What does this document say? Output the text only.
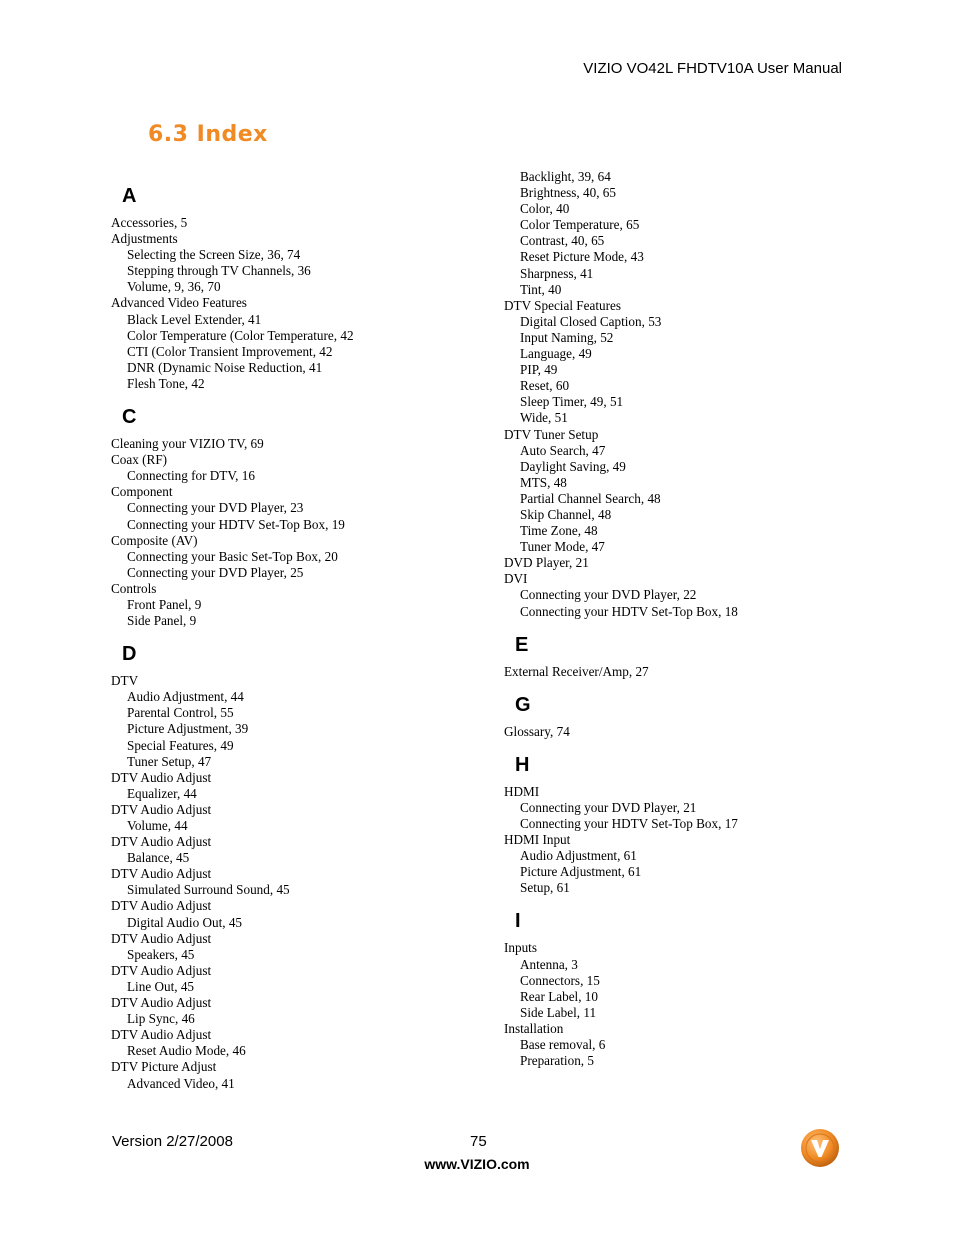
VIZIO VO42L FHDTV10A User Manual
6.3 Index
A
Accessories, 5
Adjustments
Selecting the Screen Size, 36, 74
Stepping through TV Channels, 36
Volume, 9, 36, 70
Advanced Video Features
Black Level Extender, 41
Color Temperature (Color Temperature, 42
CTI (Color Transient Improvement, 42
DNR (Dynamic Noise Reduction, 41
Flesh Tone, 42
C
Cleaning your VIZIO TV, 69
Coax (RF)
Connecting for DTV, 16
Component
Connecting your DVD Player, 23
Connecting your HDTV Set-Top Box, 19
Composite (AV)
Connecting your Basic Set-Top Box, 20
Connecting your DVD Player, 25
Controls
Front Panel, 9
Side Panel, 9
D
DTV
Audio Adjustment, 44
Parental Control, 55
Picture Adjustment, 39
Special Features, 49
Tuner Setup, 47
DTV Audio Adjust
Equalizer, 44
DTV Audio Adjust
Volume, 44
DTV Audio Adjust
Balance, 45
DTV Audio Adjust
Simulated Surround Sound, 45
DTV Audio Adjust
Digital Audio Out, 45
DTV Audio Adjust
Speakers, 45
DTV Audio Adjust
Line Out, 45
DTV Audio Adjust
Lip Sync, 46
DTV Audio Adjust
Reset Audio Mode, 46
DTV Picture Adjust
Advanced Video, 41
Backlight, 39, 64
Brightness, 40, 65
Color, 40
Color Temperature, 65
Contrast, 40, 65
Reset Picture Mode, 43
Sharpness, 41
Tint, 40
DTV Special Features
Digital Closed Caption, 53
Input Naming, 52
Language, 49
PIP, 49
Reset, 60
Sleep Timer, 49, 51
Wide, 51
DTV Tuner Setup
Auto Search, 47
Daylight Saving, 49
MTS, 48
Partial Channel Search, 48
Skip Channel, 48
Time Zone, 48
Tuner Mode, 47
DVD Player, 21
DVI
Connecting your DVD Player, 22
Connecting your HDTV Set-Top Box, 18
E
External Receiver/Amp, 27
G
Glossary, 74
H
HDMI
Connecting your DVD Player, 21
Connecting your HDTV Set-Top Box, 17
HDMI Input
Audio Adjustment, 61
Picture Adjustment, 61
Setup, 61
I
Inputs
Antenna, 3
Connectors, 15
Rear Label, 10
Side Label, 11
Installation
Base removal, 6
Preparation, 5
Version 2/27/2008	75
www.VIZIO.com
